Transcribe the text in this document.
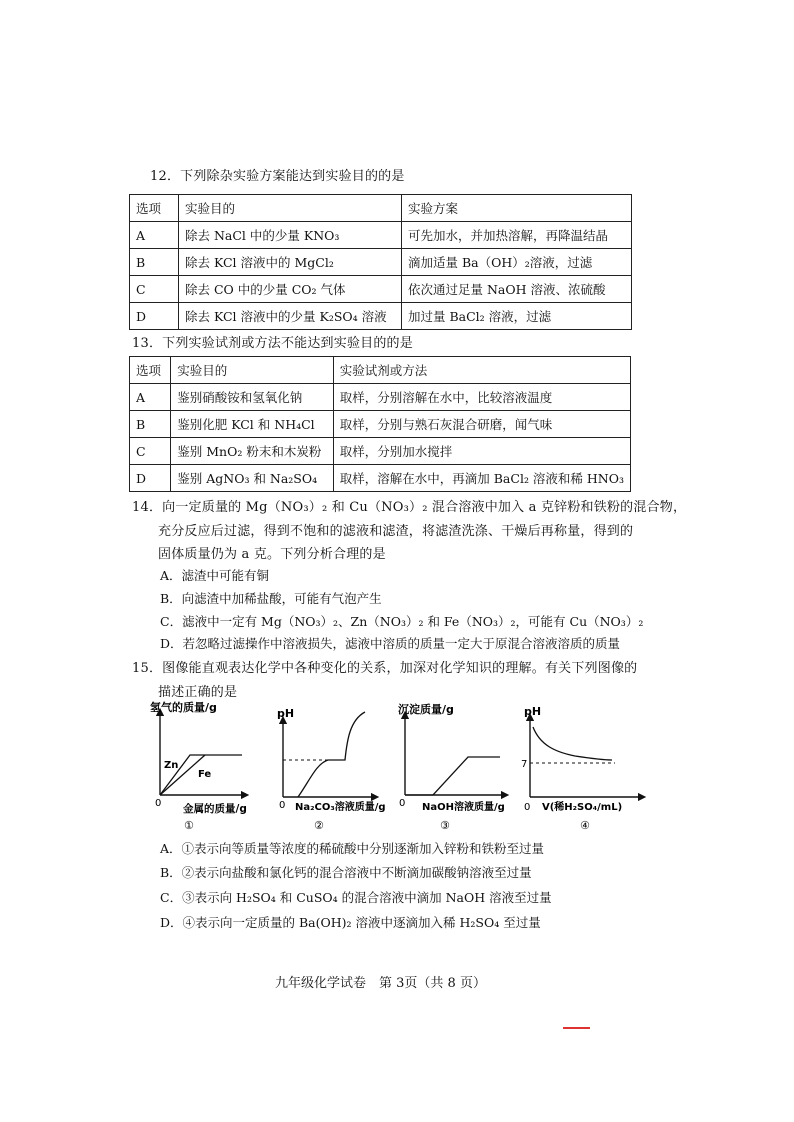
12．下列除杂实验方案能达到实验目的的是
选项	实验目的	实验方案
A	除去 NaCl 中的少量 KNO₃	可先加水，并加热溶解，再降温结晶
B	除去 KCl 溶液中的 MgCl₂	滴加适量 Ba（OH）₂溶液，过滤
C	除去 CO 中的少量 CO₂ 气体	依次通过足量 NaOH 溶液、浓硫酸
D	除去 KCl 溶液中的少量 K₂SO₄ 溶液	加过量 BaCl₂ 溶液，过滤
13．下列实验试剂或方法不能达到实验目的的是
选项	实验目的	实验试剂或方法
A	鉴别硝酸铵和氢氧化钠	取样，分别溶解在水中，比较溶液温度
B	鉴别化肥 KCl 和 NH₄Cl	取样，分别与熟石灰混合研磨，闻气味
C	鉴别 MnO₂ 粉末和木炭粉	取样，分别加水搅拌
D	鉴别 AgNO₃ 和 Na₂SO₄	取样，溶解在水中，再滴加 BaCl₂ 溶液和稀 HNO₃
14．向一定质量的 Mg（NO₃）₂ 和 Cu（NO₃）₂ 混合溶液中加入 a 克锌粉和铁粉的混合物，
充分反应后过滤，得到不饱和的滤液和滤渣，将滤渣洗涤、干燥后再称量，得到的
固体质量仍为 a 克。下列分析合理的是
A．滤渣中可能有铜
B．向滤渣中加稀盐酸，可能有气泡产生
C．滤液中一定有 Mg（NO₃）₂、Zn（NO₃）₂ 和 Fe（NO₃）₂，可能有 Cu（NO₃）₂
D．若忽略过滤操作中溶液损失，滤液中溶质的质量一定大于原混合溶液溶质的质量
15．图像能直观表达化学中各种变化的关系，加深对化学知识的理解。有关下列图像的
描述正确的是
氢气的质量/g
Zn
Fe
0 金属的质量/g
①
pH
0 Na₂CO₃溶液质量/g
②
沉淀质量/g
0 NaOH溶液质量/g
③
pH
7
0 V(稀H₂SO₄/mL)
④
A．①表示向等质量等浓度的稀硫酸中分别逐渐加入锌粉和铁粉至过量
B．②表示向盐酸和氯化钙的混合溶液中不断滴加碳酸钠溶液至过量
C．③表示向 H₂SO₄ 和 CuSO₄ 的混合溶液中滴加 NaOH 溶液至过量
D．④表示向一定质量的 Ba(OH)₂ 溶液中逐滴加入稀 H₂SO₄ 至过量
九年级化学试卷　第 3页（共 8 页）
